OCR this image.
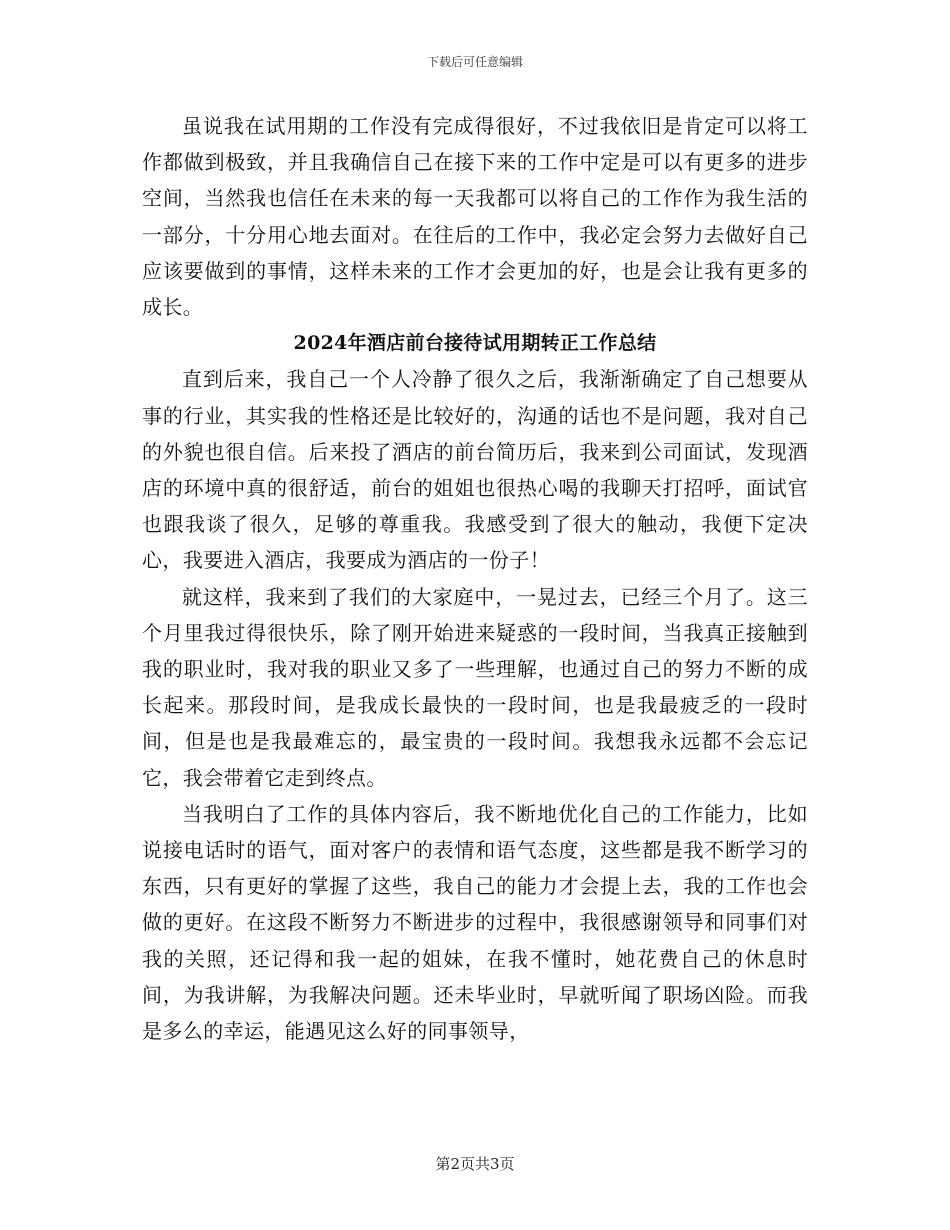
下载后可任意编辑

虽说我在试用期的工作没有完成得很好，不过我依旧是肯定可以将工作都做到极致，并且我确信自己在接下来的工作中定是可以有更多的进步空间，当然我也信任在未来的每一天我都可以将自己的工作作为我生活的一部分，十分用心地去面对。在往后的工作中，我必定会努力去做好自己应该要做到的事情，这样未来的工作才会更加的好，也是会让我有更多的成长。

2024年酒店前台接待试用期转正工作总结

直到后来，我自己一个人冷静了很久之后，我渐渐确定了自己想要从事的行业，其实我的性格还是比较好的，沟通的话也不是问题，我对自己的外貌也很自信。后来投了酒店的前台简历后，我来到公司面试，发现酒店的环境中真的很舒适，前台的姐姐也很热心喝的我聊天打招呼，面试官也跟我谈了很久，足够的尊重我。我感受到了很大的触动，我便下定决心，我要进入酒店，我要成为酒店的一份子！

就这样，我来到了我们的大家庭中，一晃过去，已经三个月了。这三个月里我过得很快乐，除了刚开始进来疑惑的一段时间，当我真正接触到我的职业时，我对我的职业又多了一些理解，也通过自己的努力不断的成长起来。那段时间，是我成长最快的一段时间，也是我最疲乏的一段时间，但是也是我最难忘的，最宝贵的一段时间。我想我永远都不会忘记它，我会带着它走到终点。

当我明白了工作的具体内容后，我不断地优化自己的工作能力，比如说接电话时的语气，面对客户的表情和语气态度，这些都是我不断学习的东西，只有更好的掌握了这些，我自己的能力才会提上去，我的工作也会做的更好。在这段不断努力不断进步的过程中，我很感谢领导和同事们对我的关照，还记得和我一起的姐妹，在我不懂时，她花费自己的休息时间，为我讲解，为我解决问题。还未毕业时，早就听闻了职场凶险。而我是多么的幸运，能遇见这么好的同事领导，

第2页共3页
